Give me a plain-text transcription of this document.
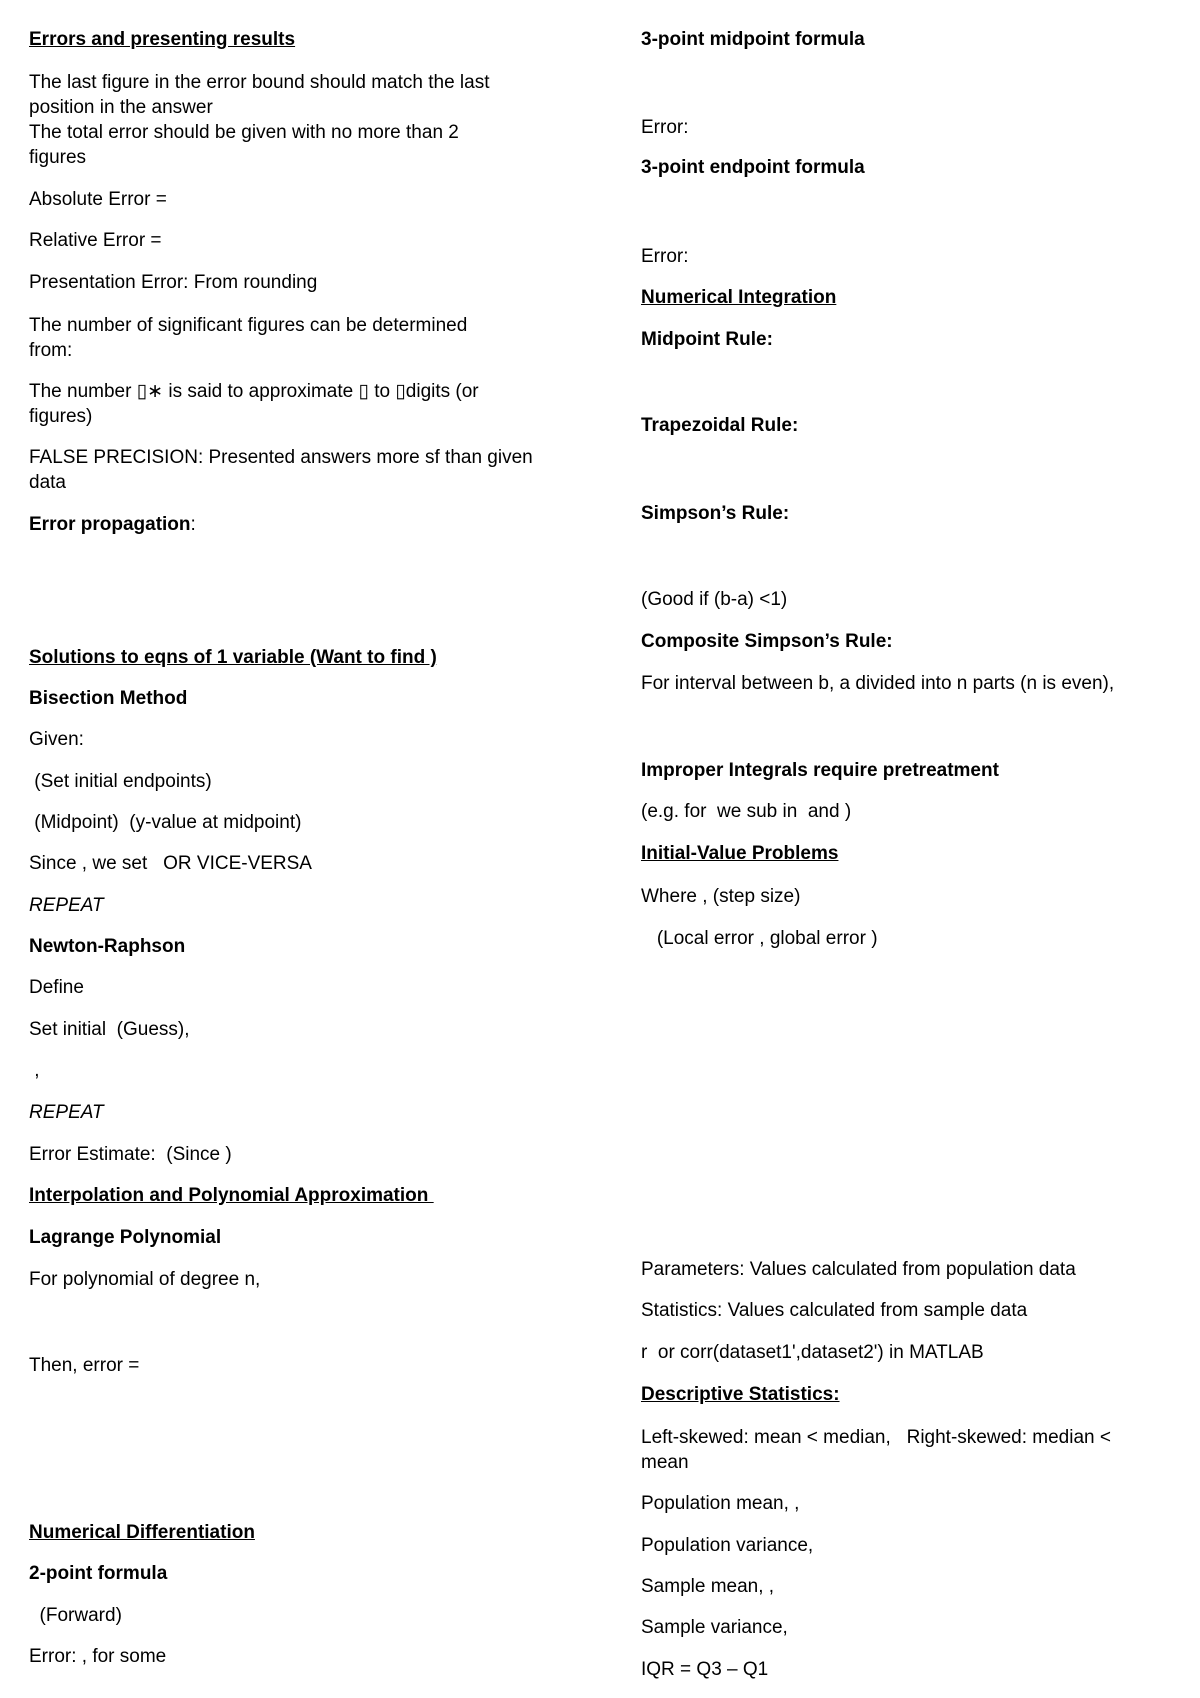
Errors and presenting results

The last figure in the error bound should match the last

position in the answer

The total error should be given with no more than 2

figures

Absolute Error =

Relative Error =

Presentation Error: From rounding

The number of significant figures can be determined

from:

The number ▯∗ is said to approximate ▯ to ▯digits (or

figures)

FALSE PRECISION: Presented answers more sf than given

data

Error propagation:

Solutions to eqns of 1 variable (Want to find )

Bisection Method

Given:

(Set initial endpoints)

(Midpoint)  (y-value at midpoint)

Since , we set   OR VICE-VERSA

REPEAT

Newton-Raphson

Define

Set initial  (Guess),

,

REPEAT

Error Estimate:  (Since )

Interpolation and Polynomial Approximation

Lagrange Polynomial

For polynomial of degree n,

Then, error =

Numerical Differentiation

2-point formula

(Forward)

Error: , for some

3-point midpoint formula

Error:

3-point endpoint formula

Error:

Numerical Integration

Midpoint Rule:

Trapezoidal Rule:

Simpson’s Rule:

(Good if (b-a) <1)

Composite Simpson’s Rule:

For interval between b, a divided into n parts (n is even),

Improper Integrals require pretreatment

(e.g. for  we sub in  and )

Initial-Value Problems

Where , (step size)

(Local error , global error )

Parameters: Values calculated from population data

Statistics: Values calculated from sample data

r  or corr(dataset1',dataset2') in MATLAB

Descriptive Statistics:

Left-skewed: mean < median,   Right-skewed: median <

mean

Population mean, ,

Population variance,

Sample mean, ,

Sample variance,

IQR = Q3 – Q1
